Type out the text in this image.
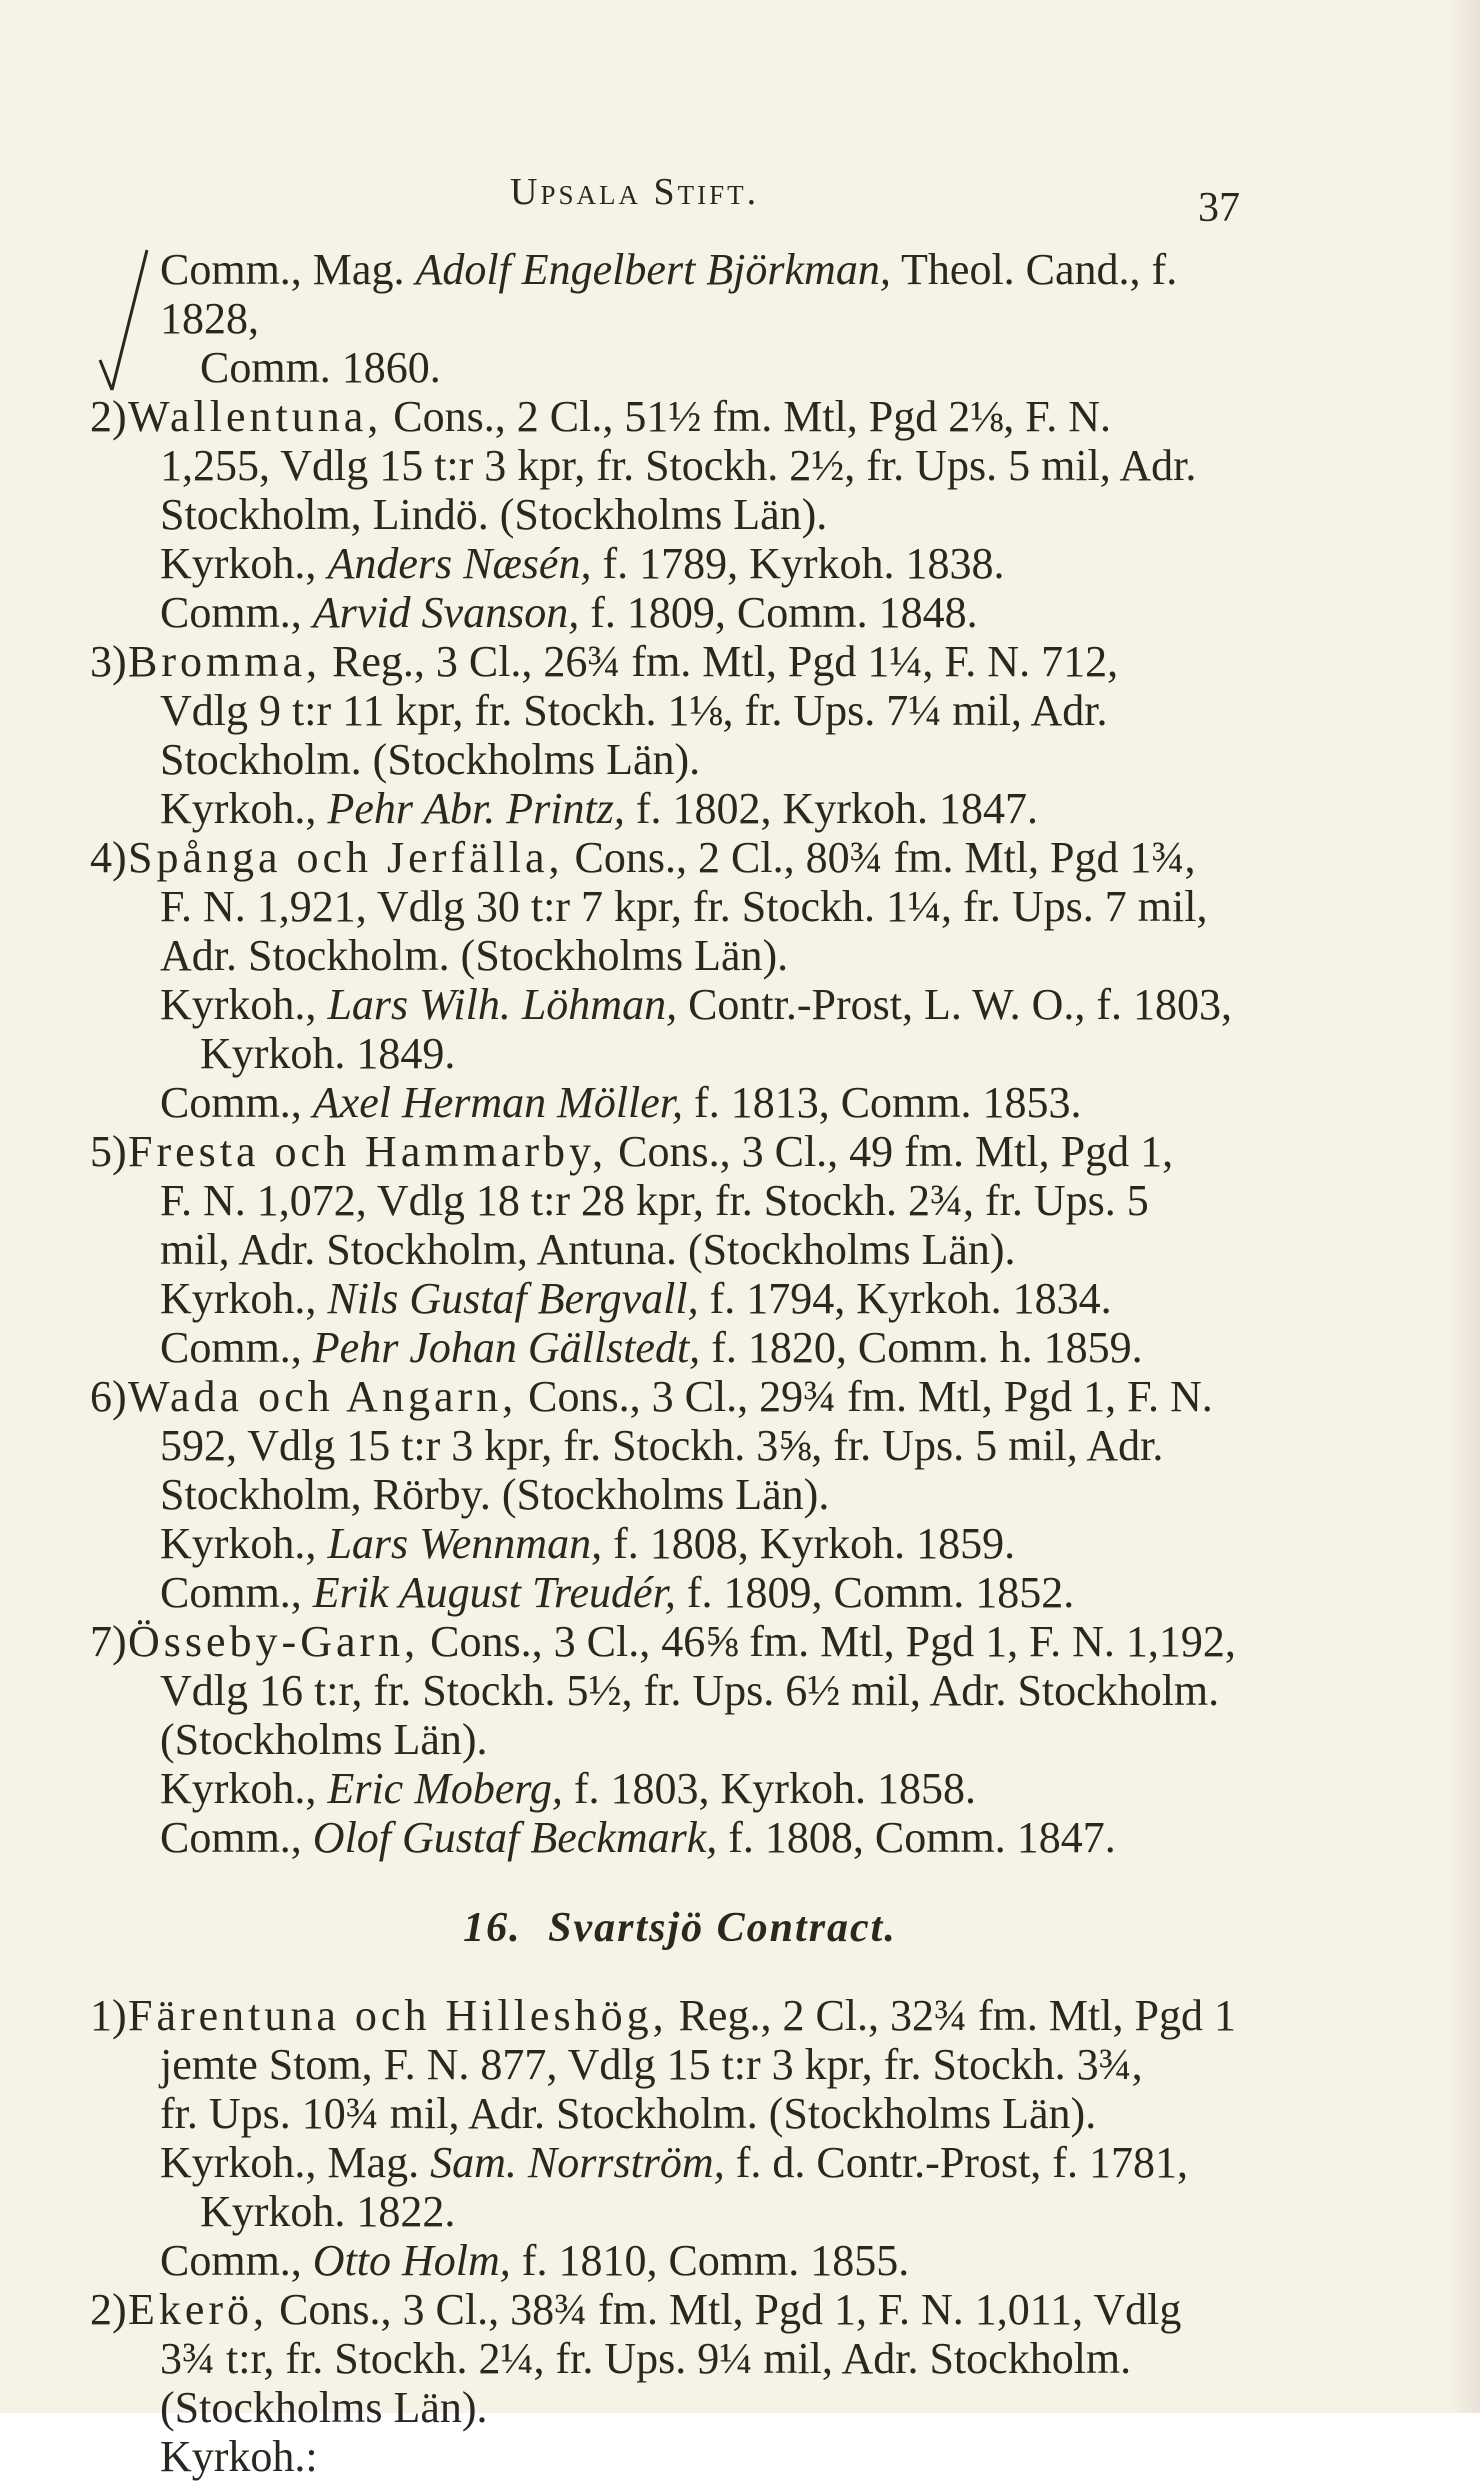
Upsala Stift.	37
Comm., Mag. Adolf Engelbert Björkman, Theol. Cand., f. 1828,
Comm. 1860.
2)Wallentuna, Cons., 2 Cl., 51½ fm. Mtl, Pgd 2⅛, F. N.
1,255, Vdlg 15 t:r 3 kpr, fr. Stockh. 2½, fr. Ups. 5 mil, Adr.
Stockholm, Lindö. (Stockholms Län).
Kyrkoh., Anders Næsén, f. 1789, Kyrkoh. 1838.
Comm., Arvid Svanson, f. 1809, Comm. 1848.
3)Bromma, Reg., 3 Cl., 26¾ fm. Mtl, Pgd 1¼, F. N. 712,
Vdlg 9 t:r 11 kpr, fr. Stockh. 1⅛, fr. Ups. 7¼ mil, Adr.
Stockholm. (Stockholms Län).
Kyrkoh., Pehr Abr. Printz, f. 1802, Kyrkoh. 1847.
4)Spånga och Jerfälla, Cons., 2 Cl., 80¾ fm. Mtl, Pgd 1¾,
F. N. 1,921, Vdlg 30 t:r 7 kpr, fr. Stockh. 1¼, fr. Ups. 7 mil,
Adr. Stockholm. (Stockholms Län).
Kyrkoh., Lars Wilh. Löhman, Contr.-Prost, L. W. O., f. 1803,
Kyrkoh. 1849.
Comm., Axel Herman Möller, f. 1813, Comm. 1853.
5)Fresta och Hammarby, Cons., 3 Cl., 49 fm. Mtl, Pgd 1,
F. N. 1,072, Vdlg 18 t:r 28 kpr, fr. Stockh. 2¾, fr. Ups. 5
mil, Adr. Stockholm, Antuna. (Stockholms Län).
Kyrkoh., Nils Gustaf Bergvall, f. 1794, Kyrkoh. 1834.
Comm., Pehr Johan Gällstedt, f. 1820, Comm. h. 1859.
6)Wada och Angarn, Cons., 3 Cl., 29¾ fm. Mtl, Pgd 1, F. N.
592, Vdlg 15 t:r 3 kpr, fr. Stockh. 3⅝, fr. Ups. 5 mil, Adr.
Stockholm, Rörby. (Stockholms Län).
Kyrkoh., Lars Wennman, f. 1808, Kyrkoh. 1859.
Comm., Erik August Treudér, f. 1809, Comm. 1852.
7)Össeby-Garn, Cons., 3 Cl., 46⅝ fm. Mtl, Pgd 1, F. N. 1,192,
Vdlg 16 t:r, fr. Stockh. 5½, fr. Ups. 6½ mil, Adr. Stockholm.
(Stockholms Län).
Kyrkoh., Eric Moberg, f. 1803, Kyrkoh. 1858.
Comm., Olof Gustaf Beckmark, f. 1808, Comm. 1847.
16. Svartsjö Contract.
1)Färentuna och Hilleshög, Reg., 2 Cl., 32¾ fm. Mtl, Pgd 1
jemte Stom, F. N. 877, Vdlg 15 t:r 3 kpr, fr. Stockh. 3¾,
fr. Ups. 10¾ mil, Adr. Stockholm. (Stockholms Län).
Kyrkoh., Mag. Sam. Norrström, f. d. Contr.-Prost, f. 1781,
Kyrkoh. 1822.
Comm., Otto Holm, f. 1810, Comm. 1855.
2)Ekerö, Cons., 3 Cl., 38¾ fm. Mtl, Pgd 1, F. N. 1,011, Vdlg
3¾ t:r, fr. Stockh. 2¼, fr. Ups. 9¼ mil, Adr. Stockholm.
(Stockholms Län).
Kyrkoh.:
